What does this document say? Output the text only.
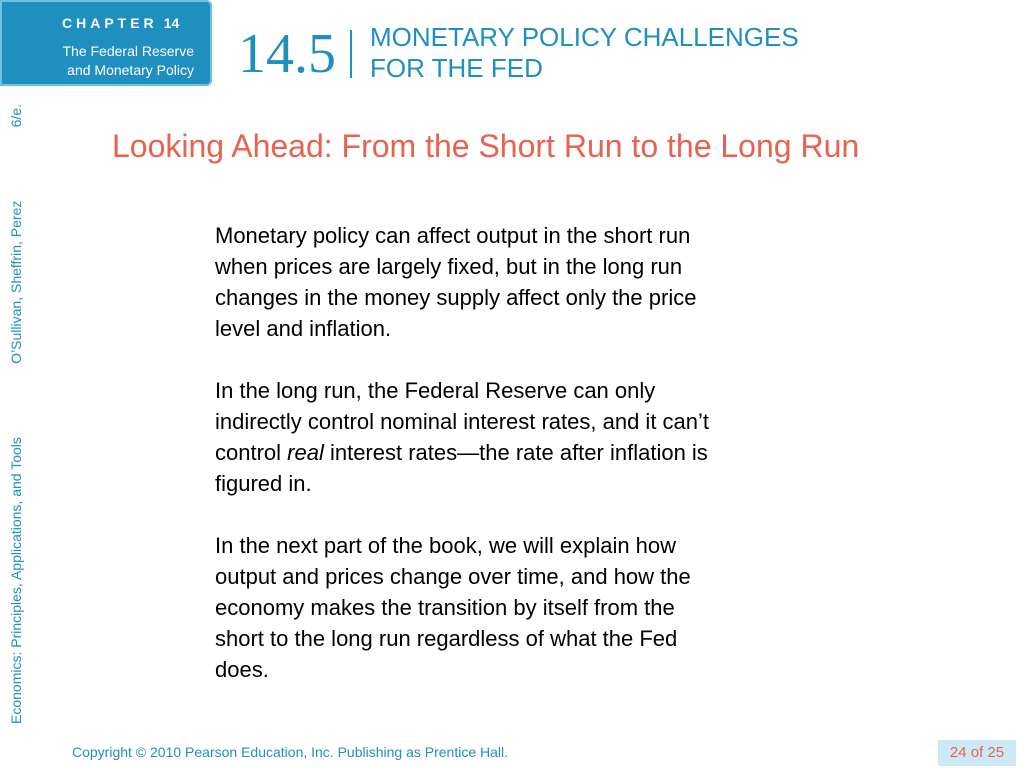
CHAPTER 14
The Federal Reserve
and Monetary Policy 14.5 MONETARY POLICY CHALLENGES
FOR THE FED
Economics: Principles, Applications, and Tools
O’Sullivan, Sheffrin, Perez
6/e.
Looking Ahead: From the Short Run to the Long Run

Monetary policy can affect output in the short run
when prices are largely fixed, but in the long run
changes in the money supply affect only the price
level and inflation.

In the long run, the Federal Reserve can only
indirectly control nominal interest rates, and it can’t
control real interest rates—the rate after inflation is
figured in.

In the next part of the book, we will explain how
output and prices change over time, and how the
economy makes the transition by itself from the
short to the long run regardless of what the Fed
does.

Copyright © 2010 Pearson Education, Inc. Publishing as Prentice Hall.	24 of 25
